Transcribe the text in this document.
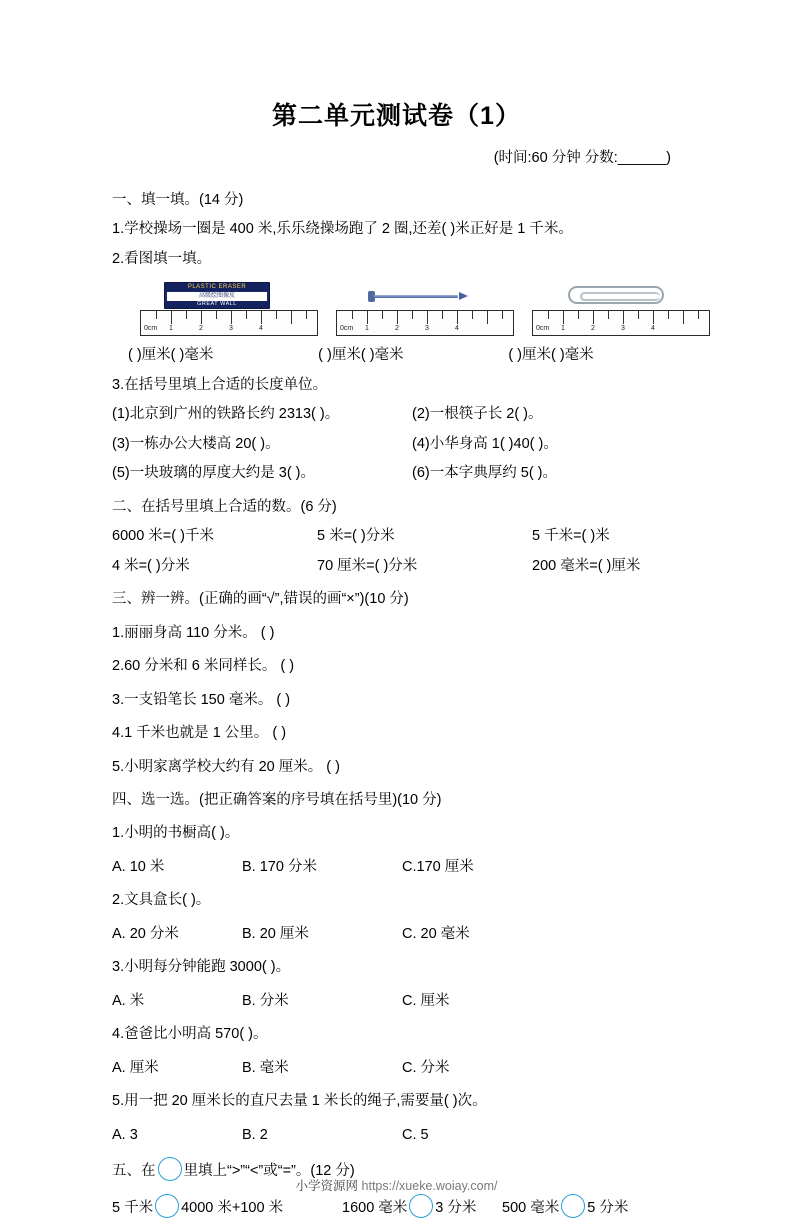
第二单元测试卷（1）
(时间:60 分钟 分数:______)
一、填一填。(14 分)
1.学校操场一圈是 400 米,乐乐绕操场跑了 2 圈,还差( )米正好是 1 千米。
2.看图填一填。
PLASTIC ERASER
高级绘图像皮
GREAT WALL
0cm 1	2	3	4	0cm 1	2	3	4	0cm 1	2	3	4
( )厘米( )毫米	( )厘米( )毫米	( )厘米( )毫米
3.在括号里填上合适的长度单位。
(1)北京到广州的铁路长约 2313( )。	(2)一根筷子长 2( )。
(3)一栋办公大楼高 20( )。	(4)小华身高 1( )40( )。
(5)一块玻璃的厚度大约是 3( )。	(6)一本字典厚约 5( )。
二、在括号里填上合适的数。(6 分)
6000 米=( )千米	5 米=( )分米	5 千米=( )米
4 米=( )分米	70 厘米=( )分米	200 毫米=( )厘米
三、辨一辨。(正确的画“√”,错误的画“×”)(10 分)
1.丽丽身高 110 分米。 ( )
2.60 分米和 6 米同样长。 ( )
3.一支铅笔长 150 毫米。 ( )
4.1 千米也就是 1 公里。 ( )
5.小明家离学校大约有 20 厘米。 ( )
四、选一选。(把正确答案的序号填在括号里)(10 分)
1.小明的书橱高( )。
A. 10 米	B. 170 分米	C.170 厘米
2.文具盒长( )。
A. 20 分米	B. 20 厘米	C. 20 毫米
3.小明每分钟能跑 3000( )。
A. 米	B. 分米	C. 厘米
4.爸爸比小明高 570( )。
A. 厘米	B. 毫米	C. 分米
5.用一把 20 厘米长的直尺去量 1 米长的绳子,需要量( )次。
A. 3	B. 2	C. 5
五、在 里填上“>”“<”或“=”。(12 分)
5 千米 4000 米+100 米	1600 毫米 3 分米	500 毫米 5 分米
小学资源网 https://xueke.woiay.com/
